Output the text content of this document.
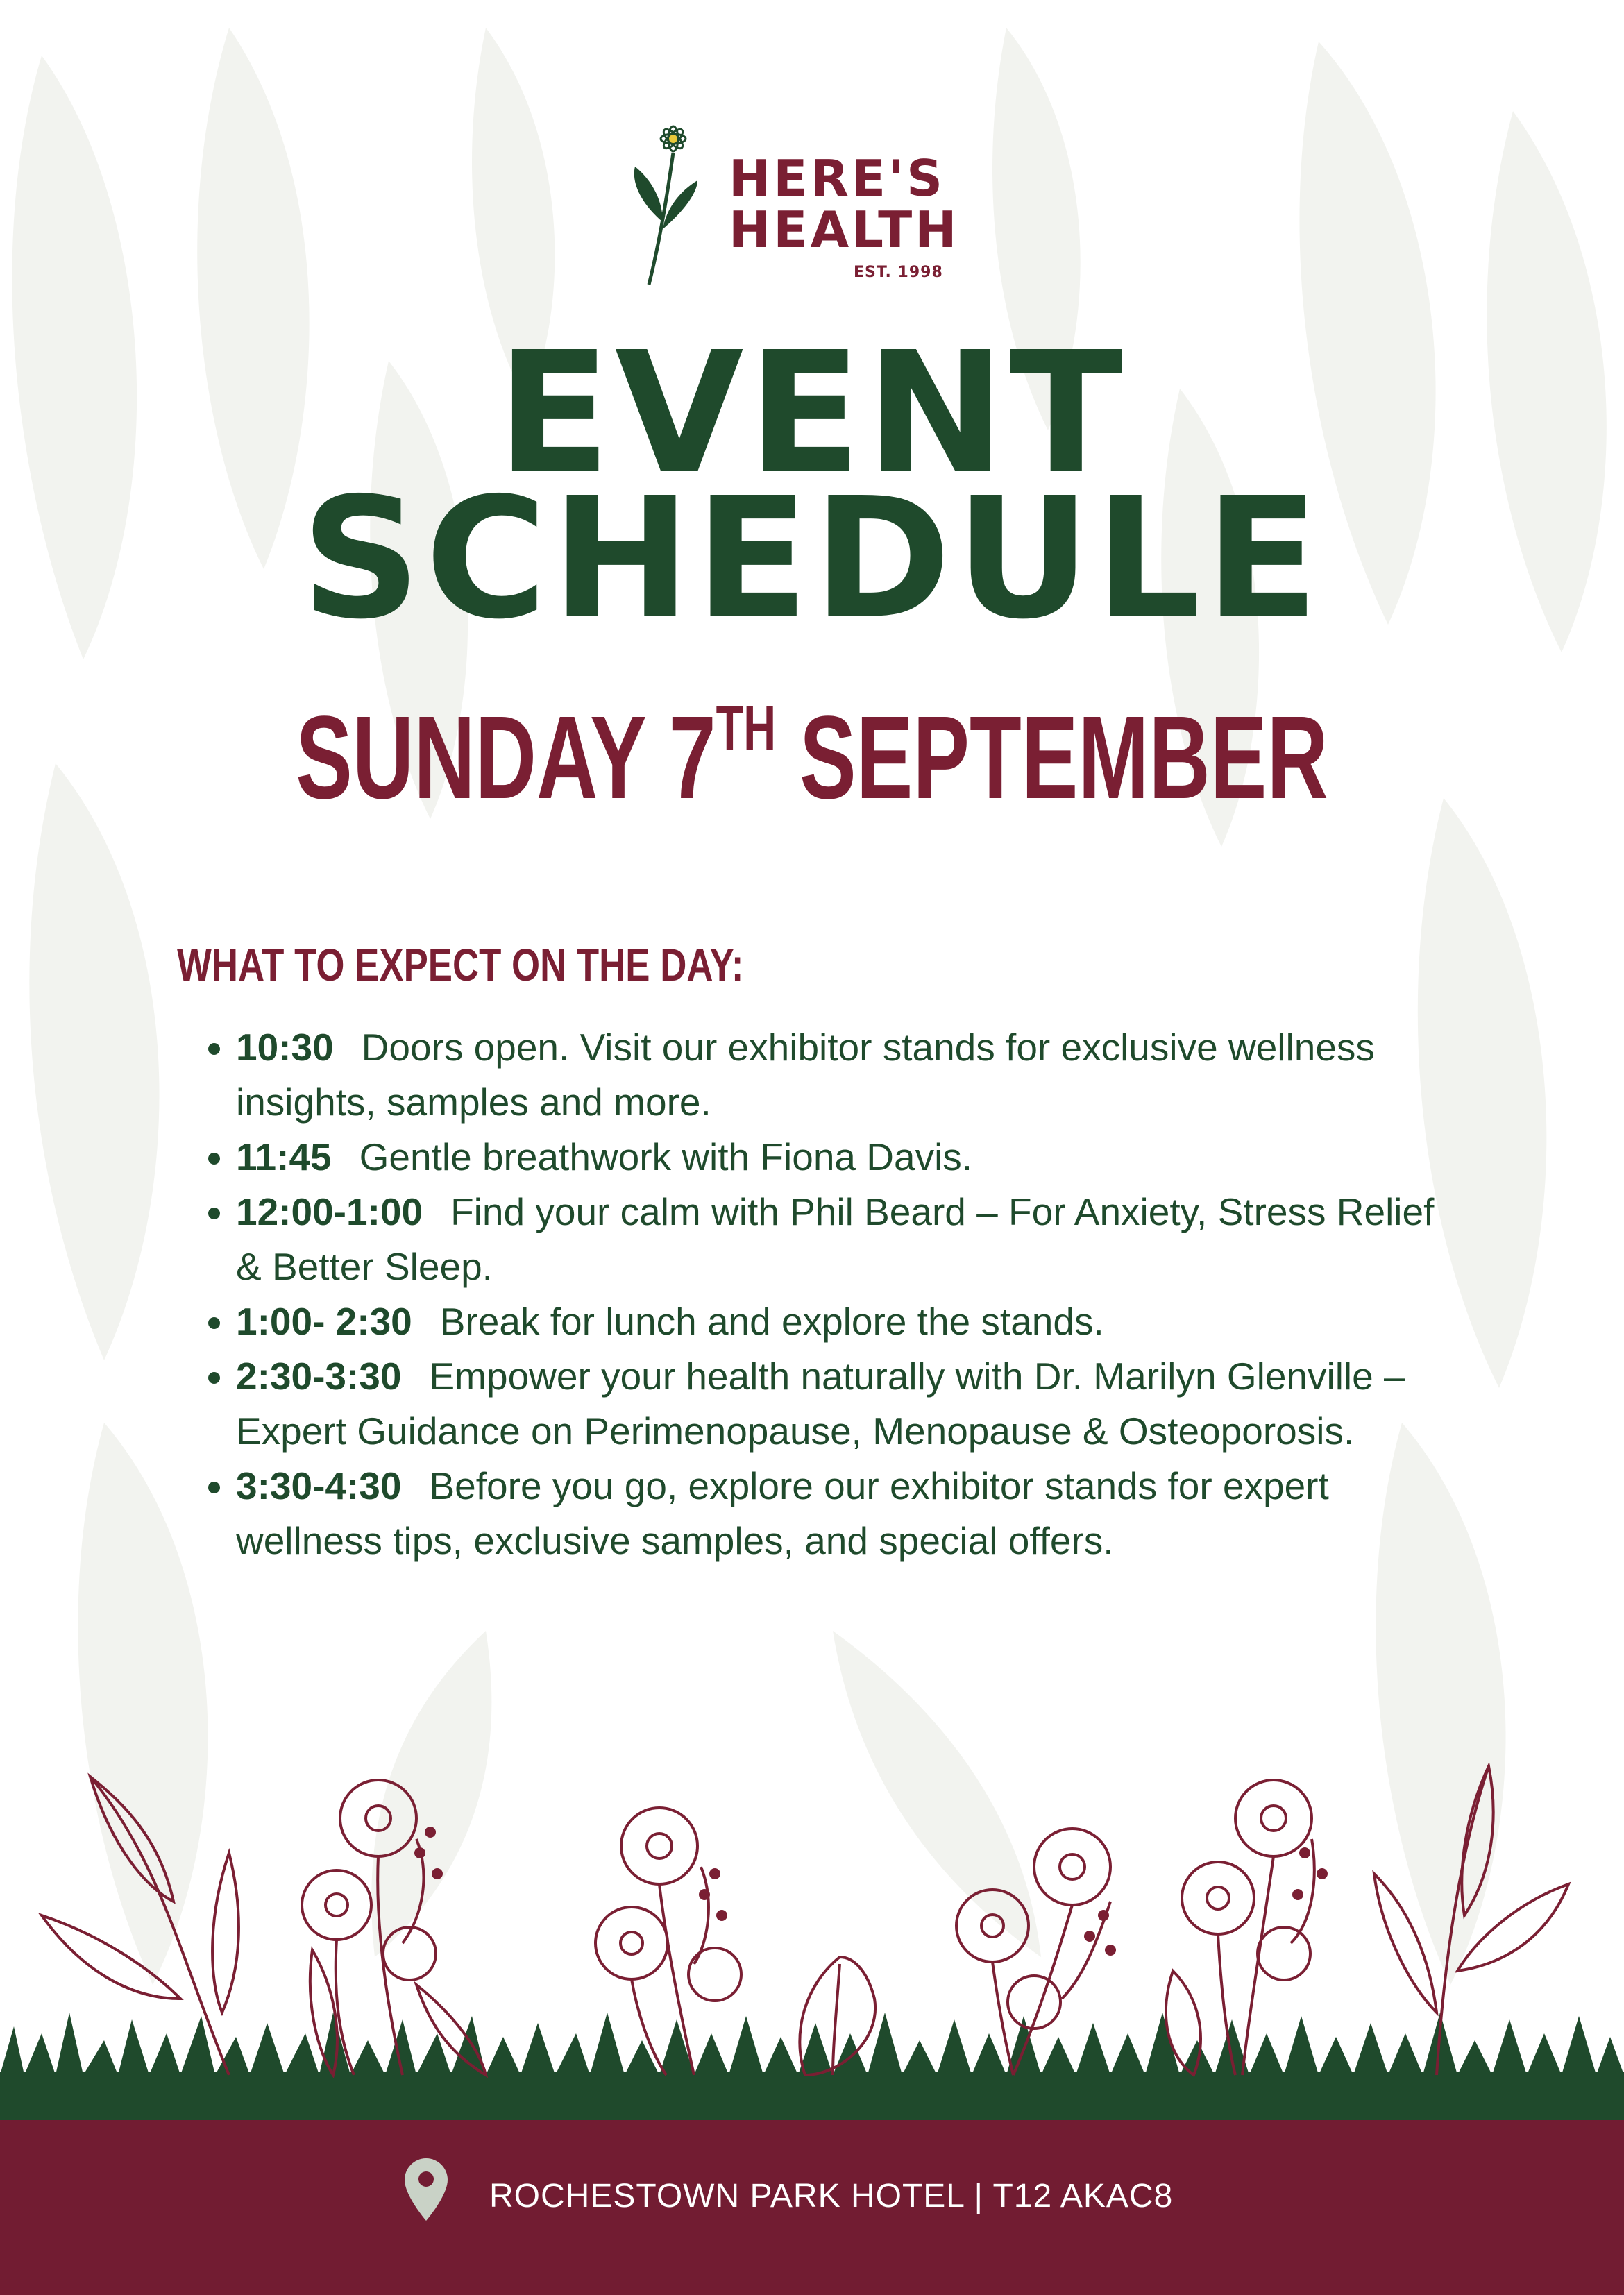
HERE'S
HEALTH
EST. 1998
EVENT
SCHEDULE
SUNDAY 7TH SEPTEMBER
WHAT TO EXPECT ON THE DAY:
• 10:30 Doors open. Visit our exhibitor stands for exclusive wellness insights, samples and more.
• 11:45 Gentle breathwork with Fiona Davis.
• 12:00-1:00 Find your calm with Phil Beard – For Anxiety, Stress Relief & Better Sleep.
• 1:00- 2:30 Break for lunch and explore the stands.
• 2:30-3:30 Empower your health naturally with Dr. Marilyn Glenville – Expert Guidance on Perimenopause, Menopause & Osteoporosis.
• 3:30-4:30 Before you go, explore our exhibitor stands for expert wellness tips, exclusive samples, and special offers.
ROCHESTOWN PARK HOTEL | T12 AKAC8
